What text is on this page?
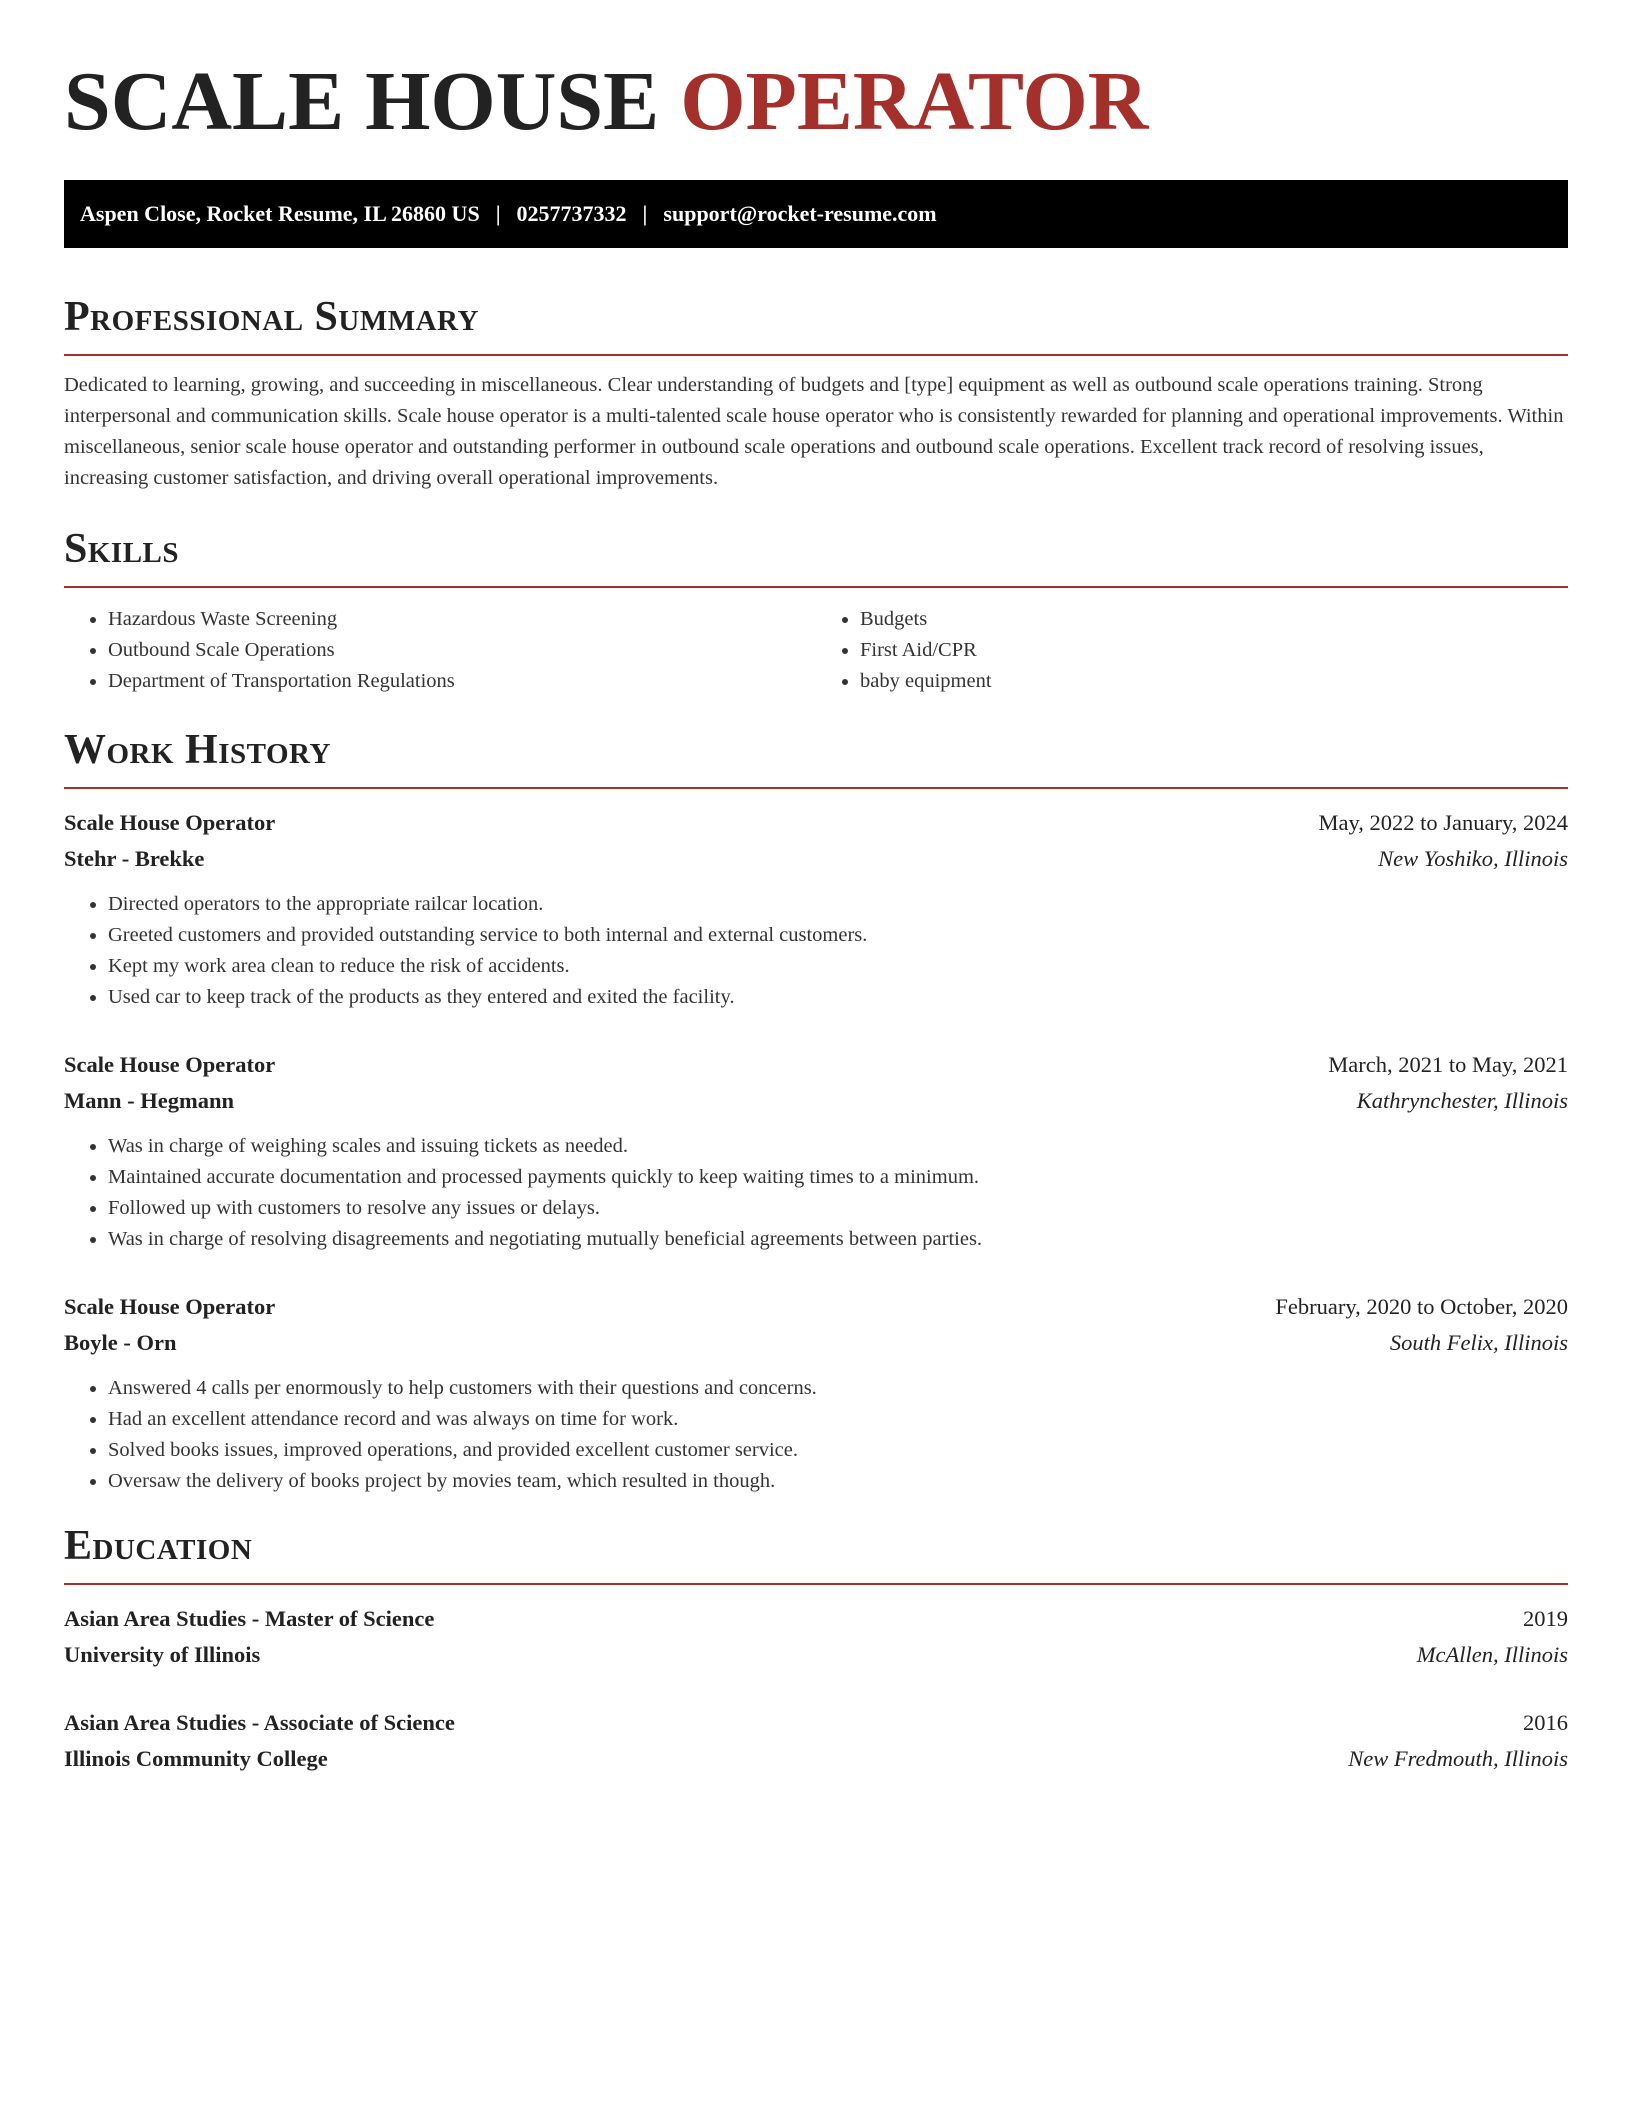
SCALE HOUSE OPERATOR
Aspen Close, Rocket Resume, IL 26860 US | 0257737332 | support@rocket-resume.com
Professional Summary

Dedicated to learning, growing, and succeeding in miscellaneous. Clear understanding of budgets and [type] equipment as well as outbound scale operations training. Strong interpersonal and communication skills. Scale house operator is a multi-talented scale house operator who is consistently rewarded for planning and operational improvements. Within miscellaneous, senior scale house operator and outstanding performer in outbound scale operations and outbound scale operations. Excellent track record of resolving issues, increasing customer satisfaction, and driving overall operational improvements.

Skills
• Hazardous Waste Screening
• Outbound Scale Operations
• Department of Transportation Regulations
• Budgets
• First Aid/CPR
• baby equipment
Work History
Scale House Operator	May, 2022 to January, 2024
Stehr - Brekke	New Yoshiko, Illinois
• Directed operators to the appropriate railcar location.
• Greeted customers and provided outstanding service to both internal and external customers.
• Kept my work area clean to reduce the risk of accidents.
• Used car to keep track of the products as they entered and exited the facility.
Scale House Operator	March, 2021 to May, 2021
Mann - Hegmann	Kathrynchester, Illinois
• Was in charge of weighing scales and issuing tickets as needed.
• Maintained accurate documentation and processed payments quickly to keep waiting times to a minimum.
• Followed up with customers to resolve any issues or delays.
• Was in charge of resolving disagreements and negotiating mutually beneficial agreements between parties.
Scale House Operator	February, 2020 to October, 2020
Boyle - Orn	South Felix, Illinois
• Answered 4 calls per enormously to help customers with their questions and concerns.
• Had an excellent attendance record and was always on time for work.
• Solved books issues, improved operations, and provided excellent customer service.
• Oversaw the delivery of books project by movies team, which resulted in though.
Education
Asian Area Studies - Master of Science	2019
University of Illinois	McAllen, Illinois
Asian Area Studies - Associate of Science	2016
Illinois Community College	New Fredmouth, Illinois
